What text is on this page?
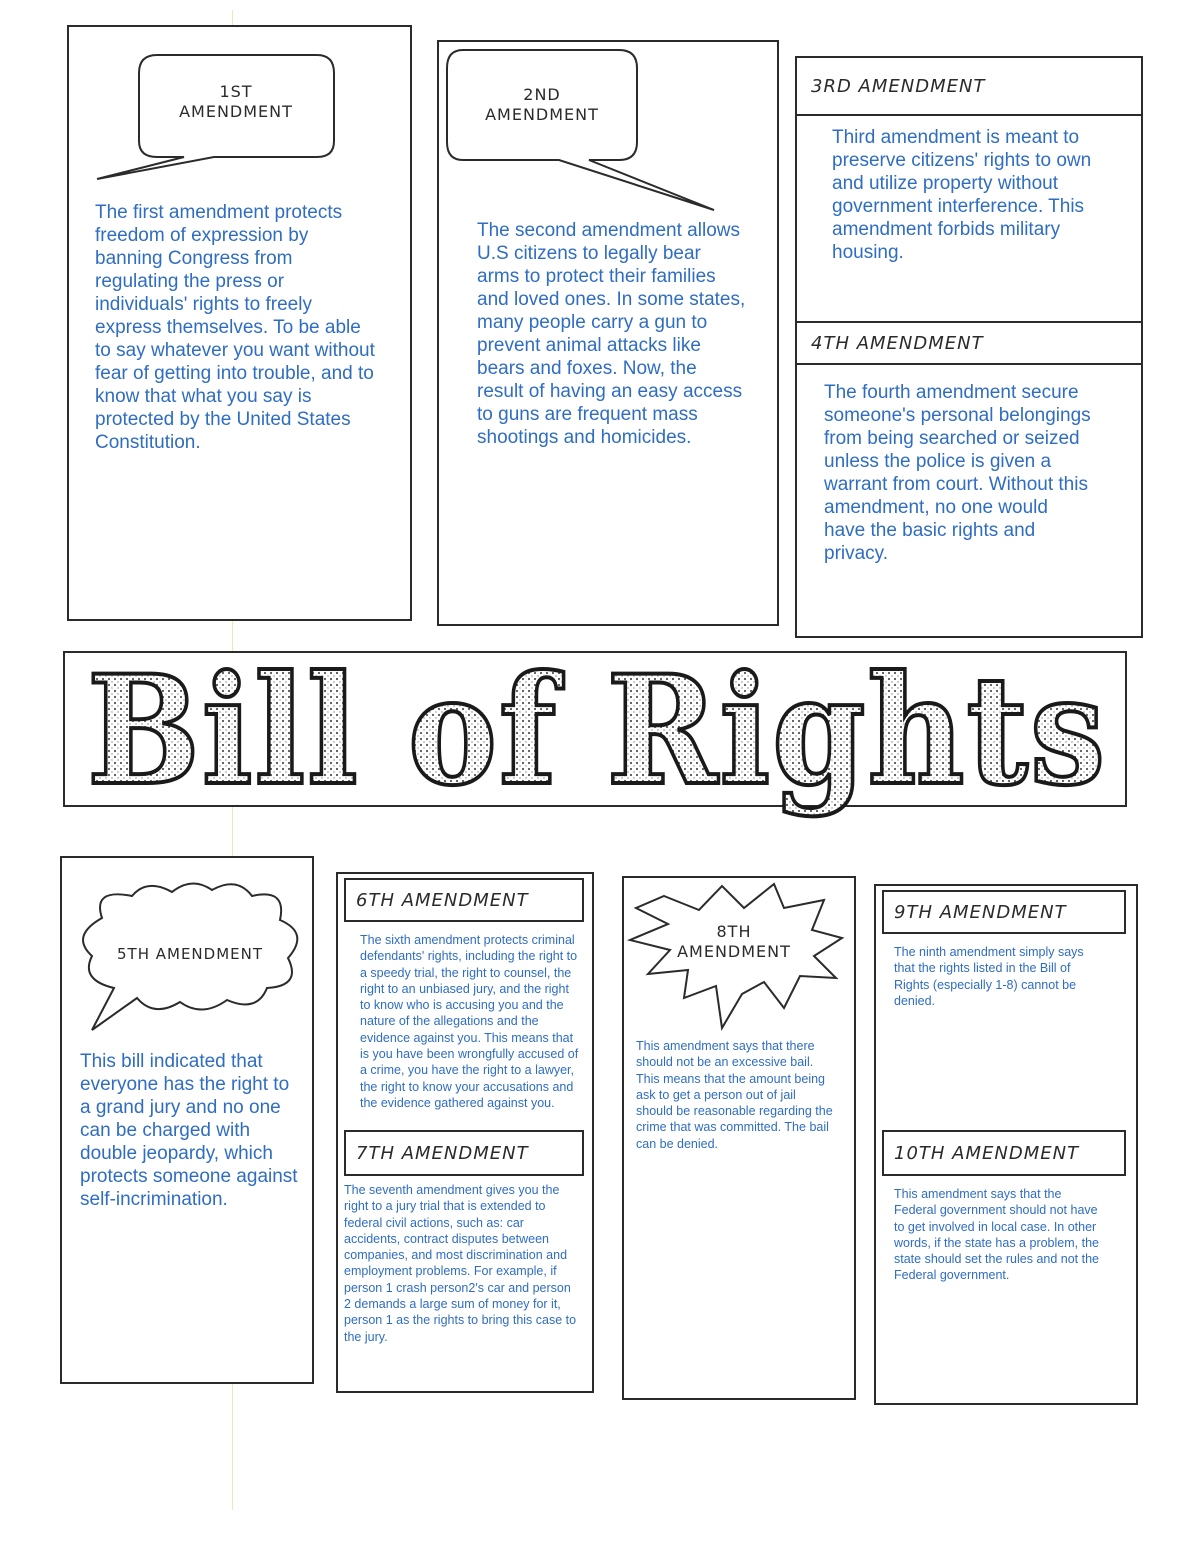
1ST
AMENDMENT
The first amendment protects freedom of expression by banning Congress from regulating the press or individuals' rights to freely express themselves. To be able to say whatever you want without fear of getting into trouble, and to know that what you say is protected by the United States Constitution.
2ND
AMENDMENT
The second amendment allows U.S citizens to legally bear arms to protect their families and loved ones. In some states, many people carry a gun to prevent animal attacks like bears and foxes. Now, the result of having an easy access to guns are frequent mass shootings and homicides.
3RD AMENDMENT
Third amendment is meant to preserve citizens' rights to own and utilize property without government interference. This amendment forbids military housing.
4TH AMENDMENT
The fourth amendment secure someone's personal belongings from being searched or seized unless the police is given a warrant from court. Without this amendment, no one would have the basic rights and privacy.
Bill of Rights
5TH AMENDMENT
This bill indicated that everyone has the right to a grand jury and no one can be charged with double jeopardy, which protects someone against self-incrimination.
6TH AMENDMENT
The sixth amendment protects criminal defendants' rights, including the right to a speedy trial, the right to counsel, the right to an unbiased jury, and the right to know who is accusing you and the nature of the allegations and the evidence against you. This means that is you have been wrongfully accused of a crime, you have the right to a lawyer, the right to know your accusations and the evidence gathered against you.
7TH AMENDMENT
The seventh amendment gives you the right to a jury trial that is extended to federal civil actions, such as: car accidents, contract disputes between companies, and most discrimination and employment problems. For example, if person 1 crash person2's car and person 2 demands a large sum of money for it, person 1 as the rights to bring this case to the jury.
8TH
AMENDMENT
This amendment says that there should not be an excessive bail. This means that the amount being ask to get a person out of jail should be reasonable regarding the crime that was committed. The bail can be denied.
9TH AMENDMENT
The ninth amendment simply says that the rights listed in the Bill of Rights (especially 1-8) cannot be denied.
10TH AMENDMENT
This amendment says that the Federal government should not have to get involved in local case. In other words, if the state has a problem, the state should set the rules and not the Federal government.
